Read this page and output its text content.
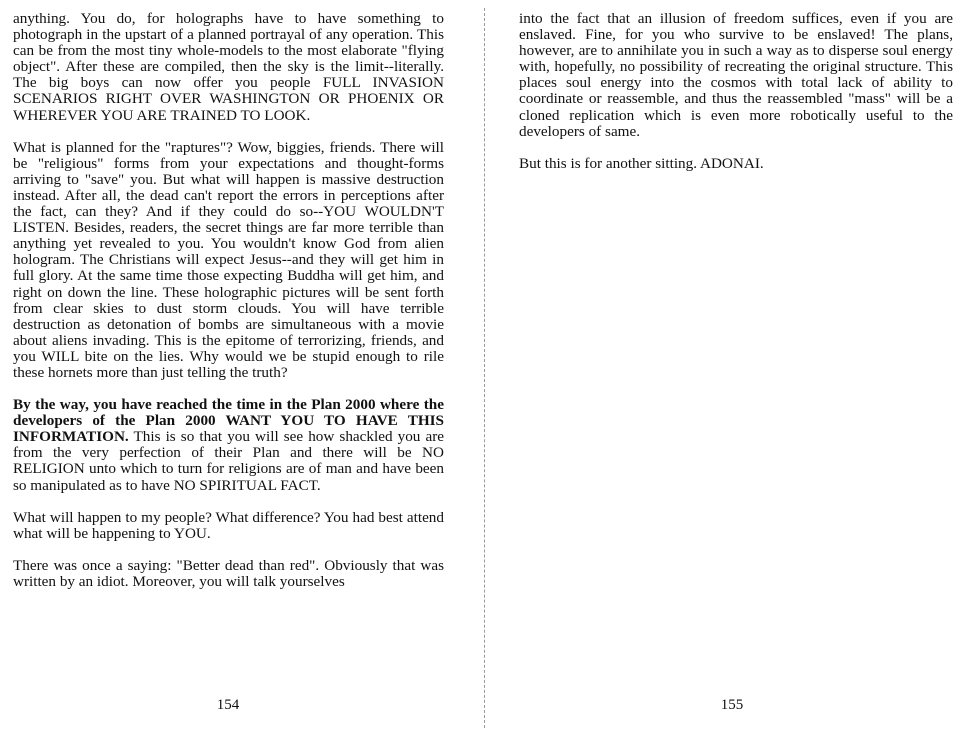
anything. You do, for holographs have to have something to photograph in the upstart of a planned portrayal of any operation. This can be from the most tiny whole-models to the most elaborate "flying object". After these are compiled, then the sky is the limit--literally. The big boys can now offer you people FULL INVASION SCENARIOS RIGHT OVER WASHINGTON OR PHOENIX OR WHEREVER YOU ARE TRAINED TO LOOK.

What is planned for the "raptures"? Wow, biggies, friends. There will be "religious" forms from your expectations and thought-forms arriving to "save" you. But what will happen is massive destruction instead. After all, the dead can't report the errors in perceptions after the fact, can they? And if they could do so--YOU WOULDN'T LISTEN. Besides, readers, the secret things are far more terrible than anything yet revealed to you. You wouldn't know God from alien hologram. The Christians will expect Jesus--and they will get him in full glory. At the same time those expecting Buddha will get him, and right on down the line. These holographic pictures will be sent forth from clear skies to dust storm clouds. You will have terrible destruction as detonation of bombs are simultaneous with a movie about aliens invading. This is the epitome of terrorizing, friends, and you WILL bite on the lies. Why would we be stupid enough to rile these hornets more than just telling the truth?

By the way, you have reached the time in the Plan 2000 where the developers of the Plan 2000 WANT YOU TO HAVE THIS INFORMATION. This is so that you will see how shackled you are from the very perfection of their Plan and there will be NO RELIGION unto which to turn for religions are of man and have been so manipulated as to have NO SPIRITUAL FACT.

What will happen to my people? What difference? You had best attend what will be happening to YOU.

There was once a saying: "Better dead than red". Obviously that was written by an idiot. Moreover, you will talk yourselves

154

into the fact that an illusion of freedom suffices, even if you are enslaved. Fine, for you who survive to be enslaved! The plans, however, are to annihilate you in such a way as to disperse soul energy with, hopefully, no possibility of recreating the original structure. This places soul energy into the cosmos with total lack of ability to coordinate or reassemble, and thus the reassembled "mass" will be a cloned replication which is even more robotically useful to the developers of same.

But this is for another sitting. ADONAI.

155
